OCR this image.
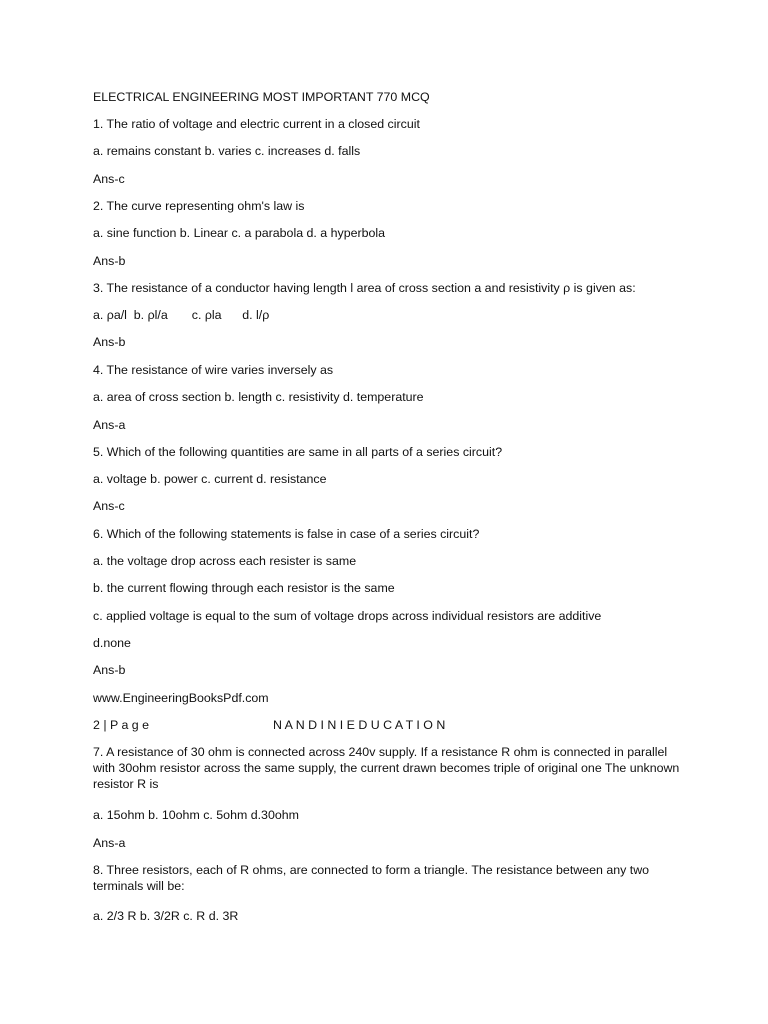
ELECTRICAL ENGINEERING MOST IMPORTANT 770 MCQ

1. The ratio of voltage and electric current in a closed circuit

a. remains constant b. varies c. increases d. falls

Ans-c

2. The curve representing ohm's law is

a. sine function b. Linear c. a parabola d. a hyperbola

Ans-b

3. The resistance of a conductor having length l area of cross section a and resistivity ρ is given as:

a. ρa/l  b. ρl/a       c. ρla      d. l/ρ

Ans-b

4. The resistance of wire varies inversely as

a. area of cross section b. length c. resistivity d. temperature

Ans-a

5. Which of the following quantities are same in all parts of a series circuit?

a. voltage b. power c. current d. resistance

Ans-c

6. Which of the following statements is false in case of a series circuit?

a. the voltage drop across each resister is same

b. the current flowing through each resistor is the same

c. applied voltage is equal to the sum of voltage drops across individual resistors are additive

d.none

Ans-b

www.EngineeringBooksPdf.com

2 | P a g e                                    N A N D I N I E D U C A T I O N

7. A resistance of 30 ohm is connected across 240v supply. If a resistance R ohm is connected in parallel with 30ohm resistor across the same supply, the current drawn becomes triple of original one The unknown resistor R is

a. 15ohm b. 10ohm c. 5ohm d.30ohm

Ans-a

8. Three resistors, each of R ohms, are connected to form a triangle. The resistance between any two terminals will be:

a. 2/3 R b. 3/2R c. R d. 3R
